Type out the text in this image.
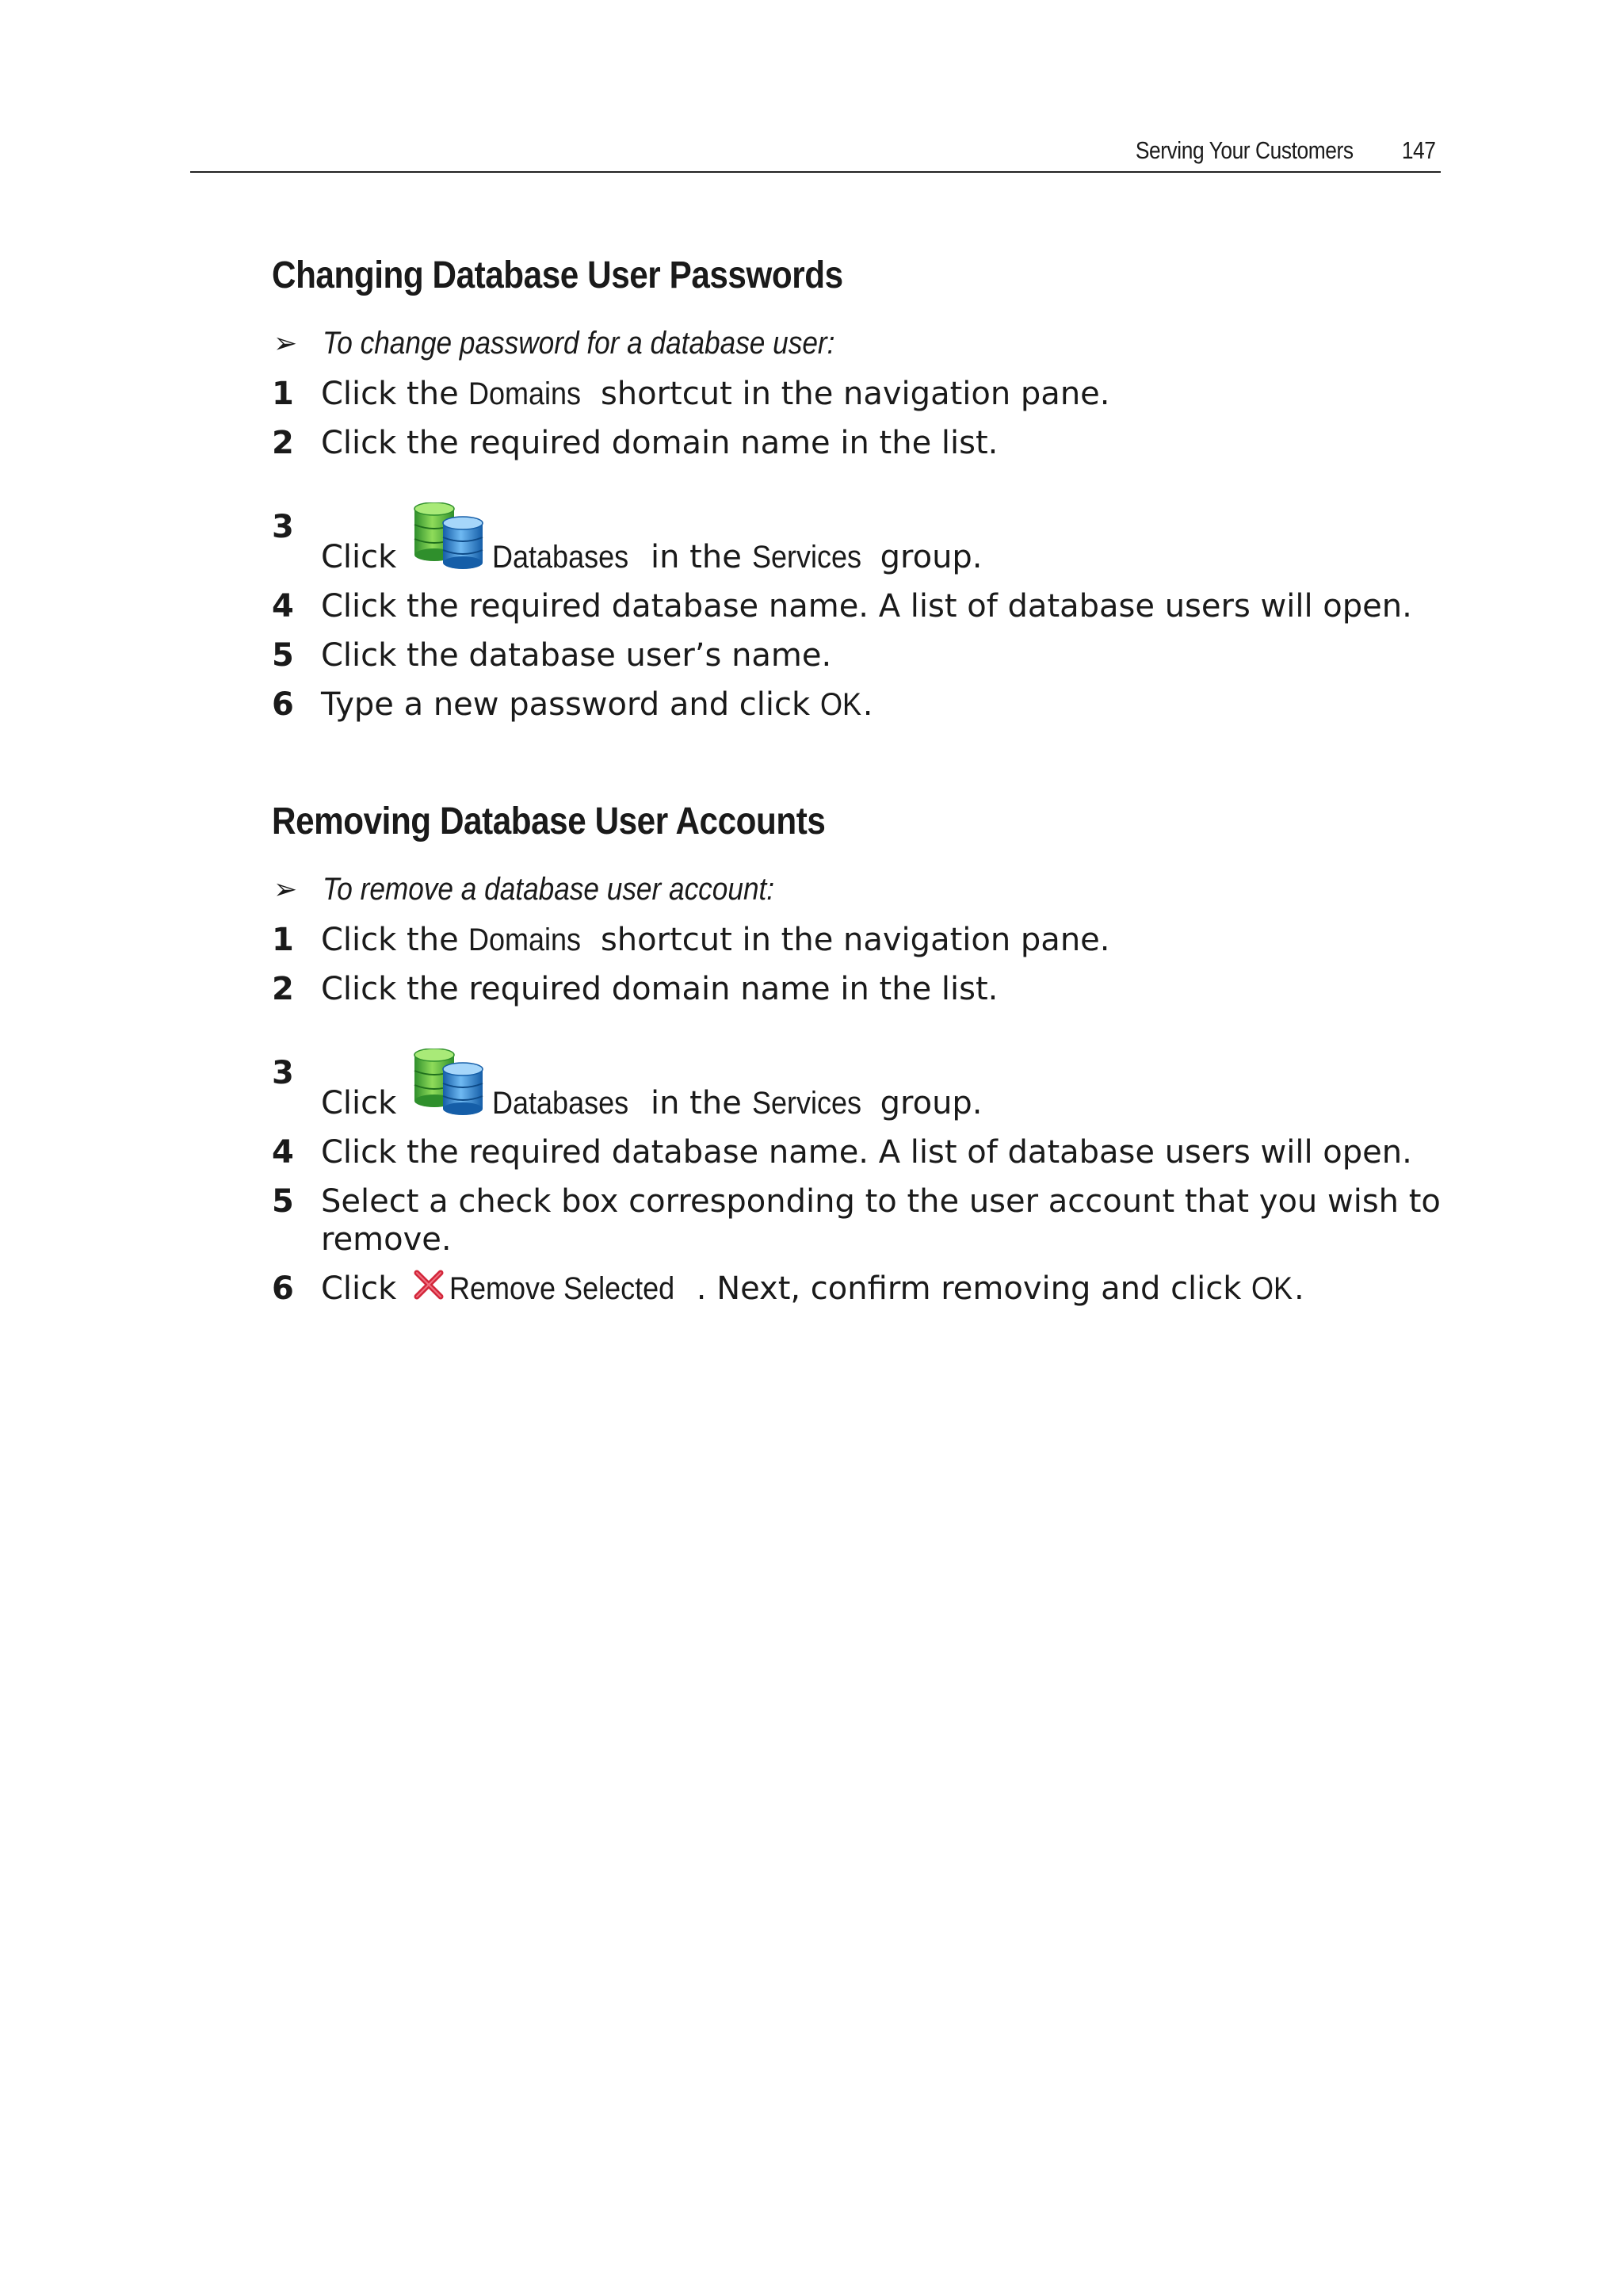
Serving Your Customers 147
Changing Database User Passwords
➢ To change password for a database user:
1 Click the Domains shortcut in the navigation pane.
2 Click the required domain name in the list.
3
Click	Databases in the Services group.
4 Click the required database name. A list of database users will open.
5 Click the database user’s name.
6 Type a new password and click OK.
Removing Database User Accounts
➢ To remove a database user account:
1 Click the Domains shortcut in the navigation pane.
2 Click the required domain name in the list.
3
Click	Databases in the Services group.
4 Click the required database name. A list of database users will open.
5 Select a check box corresponding to the user account that you wish to remove.
6 Click Remove Selected . Next, confirm removing and click OK.
